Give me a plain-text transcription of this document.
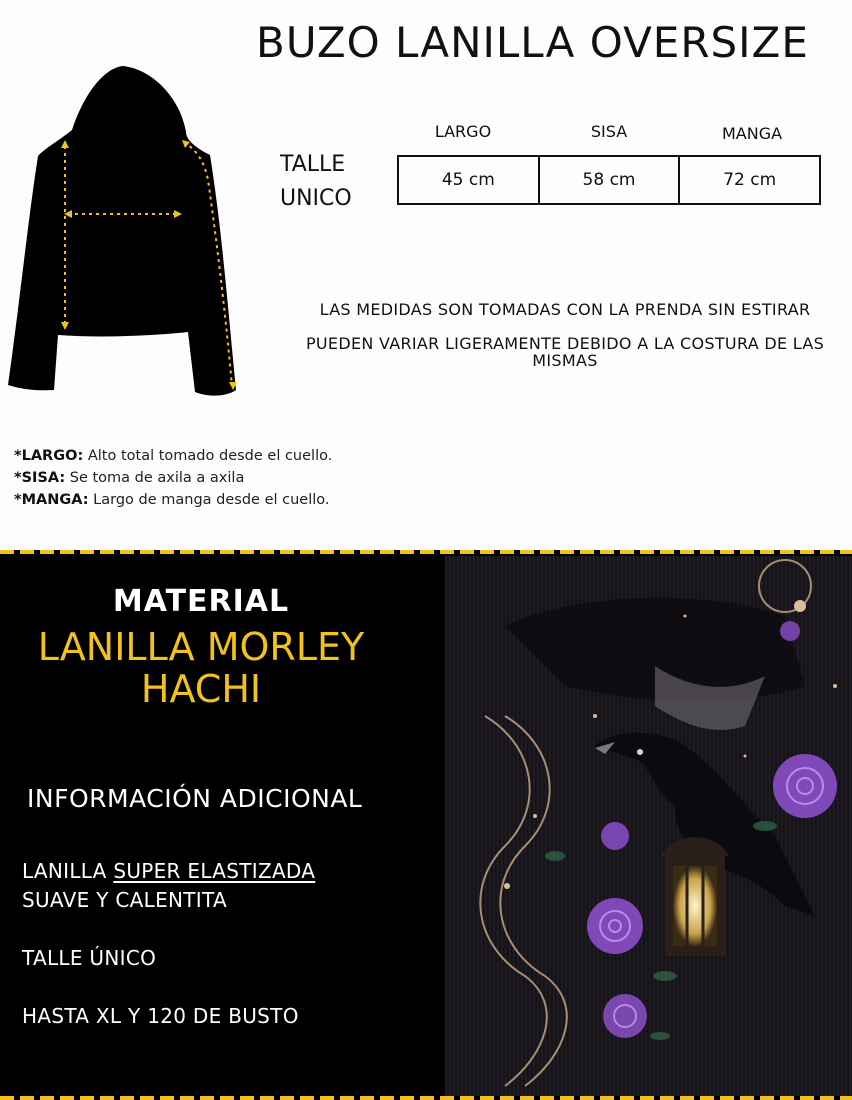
BUZO LANILLA OVERSIZE
TALLE
UNICO
LARGO	SISA	MANGA
45 cm	58 cm	72 cm
LAS MEDIDAS SON TOMADAS CON LA PRENDA SIN ESTIRAR
PUEDEN VARIAR LIGERAMENTE DEBIDO A LA COSTURA DE LAS MISMAS
*LARGO: Alto total tomado desde el cuello.
*SISA: Se toma de axila a axila
*MANGA: Largo de manga desde el cuello.
MATERIAL
LANILLA MORLEY
HACHI
INFORMACIÓN ADICIONAL
LANILLA SUPER ELASTIZADA
SUAVE Y CALENTITA
TALLE ÚNICO
HASTA XL Y 120 DE BUSTO
